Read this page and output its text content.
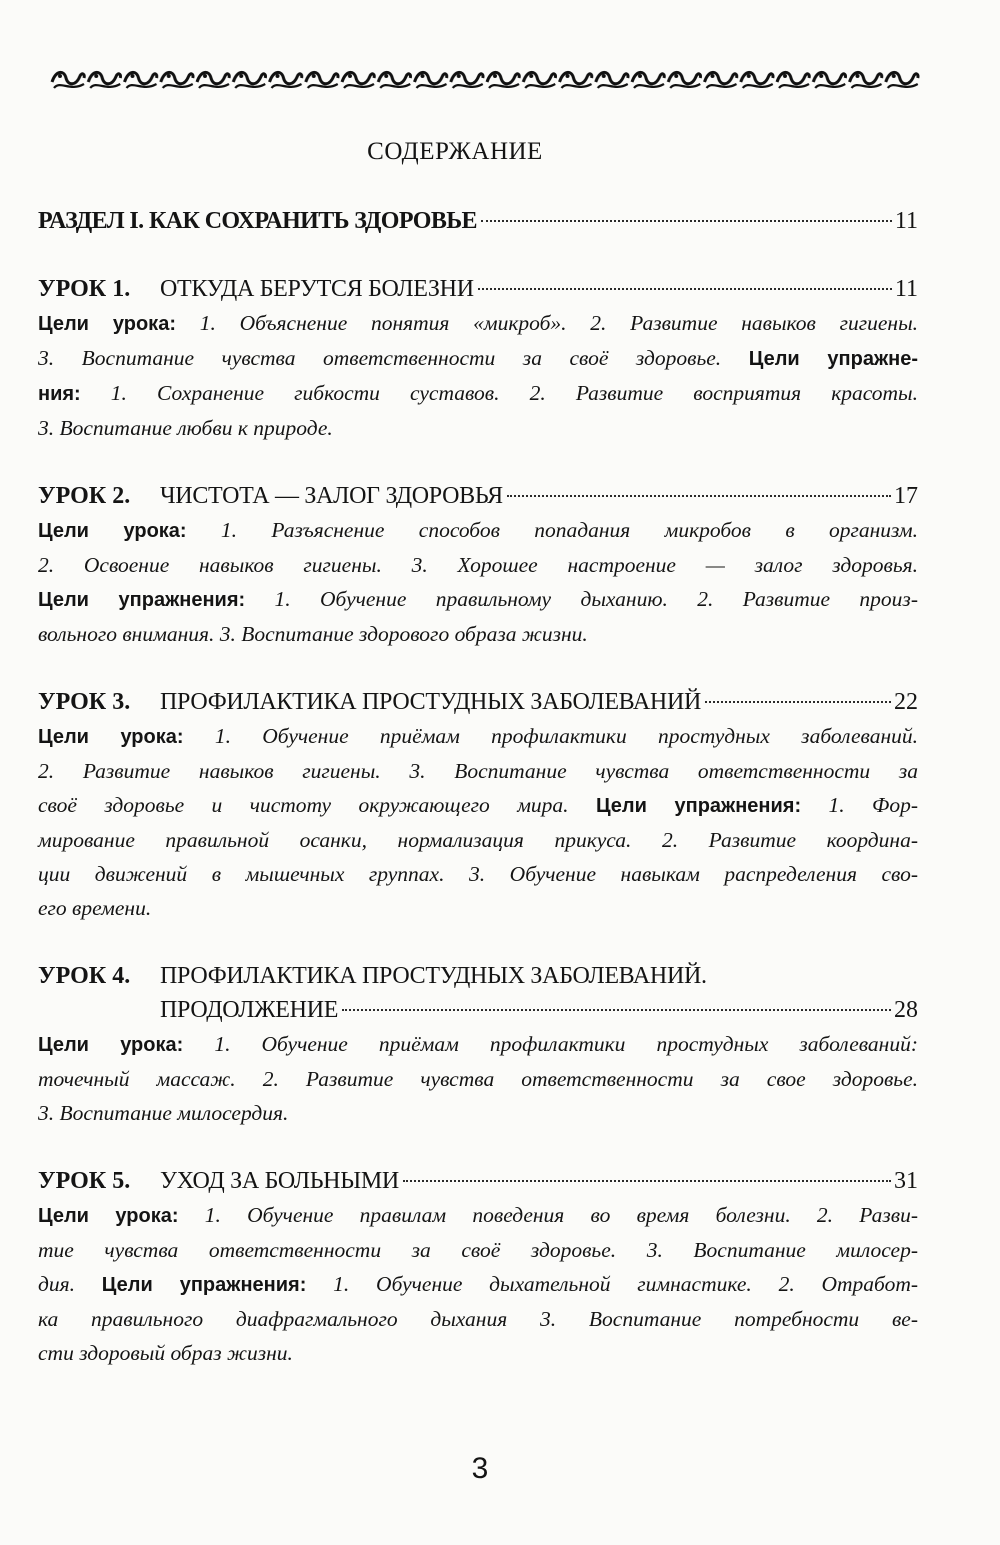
СОДЕРЖАНИЕ
РАЗДЕЛ I. КАК СОХРАНИТЬ ЗДОРОВЬЕ	11
УРОК 1.	ОТКУДА БЕРУТСЯ БОЛЕЗНИ	11

Цели урока: 1. Объяснение понятия «микроб». 2. Развитие навыков гигиены.
3. Воспитание чувства ответственности за своё здоровье. Цели упражне-
ния: 1. Сохранение гибкости суставов. 2. Развитие восприятия красоты.
3. Воспитание любви к природе.

УРОК 2.	ЧИСТОТА — ЗАЛОГ ЗДОРОВЬЯ	17

Цели урока: 1. Разъяснение способов попадания микробов в организм.
2. Освоение навыков гигиены. 3. Хорошее настроение — залог здоровья.
Цели упражнения: 1. Обучение правильному дыханию. 2. Развитие произ-
вольного внимания. 3. Воспитание здорового образа жизни.

УРОК 3.	ПРОФИЛАКТИКА ПРОСТУДНЫХ ЗАБОЛЕВАНИЙ	22

Цели урока: 1. Обучение приёмам профилактики простудных заболеваний.
2. Развитие навыков гигиены. 3. Воспитание чувства ответственности за
своё здоровье и чистоту окружающего мира. Цели упражнения: 1. Фор-
мирование правильной осанки, нормализация прикуса. 2. Развитие координа-
ции движений в мышечных группах. 3. Обучение навыкам распределения сво-
его времени.

УРОК 4.	ПРОФИЛАКТИКА ПРОСТУДНЫХ ЗАБОЛЕВАНИЙ.
ПРОДОЛЖЕНИЕ	28

Цели урока: 1. Обучение приёмам профилактики простудных заболеваний:
точечный массаж. 2. Развитие чувства ответственности за свое здоровье.
3. Воспитание милосердия.

УРОК 5.	УХОД ЗА БОЛЬНЫМИ	31

Цели урока: 1. Обучение правилам поведения во время болезни. 2. Разви-
тие чувства ответственности за своё здоровье. 3. Воспитание милосер-
дия. Цели упражнения: 1. Обучение дыхательной гимнастике. 2. Отработ-
ка правильного диафрагмального дыхания 3. Воспитание потребности ве-
сти здоровый образ жизни.

3
